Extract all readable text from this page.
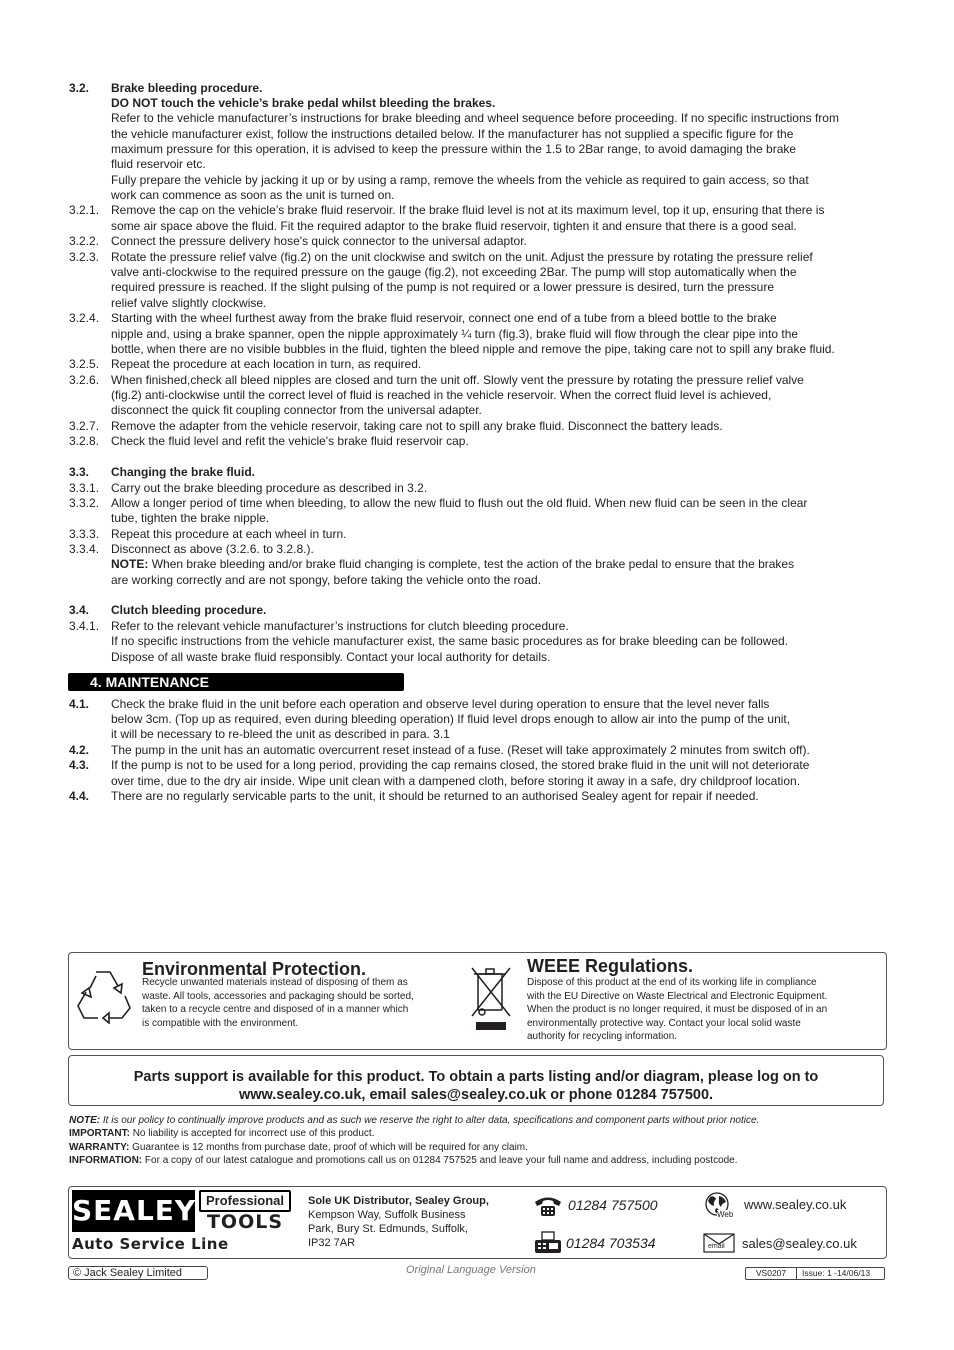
3.2. Brake bleeding procedure.
DO NOT touch the vehicle’s brake pedal whilst bleeding the brakes.
Refer to the vehicle manufacturer’s instructions for brake bleeding and wheel sequence before proceeding. If no specific instructions from
the vehicle manufacturer exist, follow the instructions detailed below. If the manufacturer has not supplied a specific figure for the
maximum pressure for this operation, it is advised to keep the pressure within the 1.5 to 2Bar range, to avoid damaging the brake
fluid reservoir etc.
Fully prepare the vehicle by jacking it up or by using a ramp, remove the wheels from the vehicle as required to gain access, so that
work can commence as soon as the unit is turned on.
3.2.1. Remove the cap on the vehicle’s brake fluid reservoir. If the brake fluid level is not at its maximum level, top it up, ensuring that there is
some air space above the fluid. Fit the required adaptor to the brake fluid reservoir, tighten it and ensure that there is a good seal.
3.2.2. Connect the pressure delivery hose's quick connector to the universal adaptor.
3.2.3. Rotate the pressure relief valve (fig.2) on the unit clockwise and switch on the unit. Adjust the pressure by rotating the pressure relief
valve anti-clockwise to the required pressure on the gauge (fig.2), not exceeding 2Bar. The pump will stop automatically when the
required pressure is reached. If the slight pulsing of the pump is not required or a lower pressure is desired, turn the pressure
relief valve slightly clockwise.
3.2.4. Starting with the wheel furthest away from the brake fluid reservoir, connect one end of a tube from a bleed bottle to the brake
nipple and, using a brake spanner, open the nipple approximately ¼ turn (fig.3), brake fluid will flow through the clear pipe into the
bottle, when there are no visible bubbles in the fluid, tighten the bleed nipple and remove the pipe, taking care not to spill any brake fluid.
3.2.5. Repeat the procedure at each location in turn, as required.
3.2.6. When finished,check all bleed nipples are closed and turn the unit off. Slowly vent the pressure by rotating the pressure relief valve
(fig.2) anti-clockwise until the correct level of fluid is reached in the vehicle reservoir. When the correct fluid level is achieved,
disconnect the quick fit coupling connector from the universal adapter.
3.2.7. Remove the adapter from the vehicle reservoir, taking care not to spill any brake fluid. Disconnect the battery leads.
3.2.8. Check the fluid level and refit the vehicle's brake fluid reservoir cap.
3.3. Changing the brake fluid.
3.3.1. Carry out the brake bleeding procedure as described in 3.2.
3.3.2. Allow a longer period of time when bleeding, to allow the new fluid to flush out the old fluid. When new fluid can be seen in the clear
tube, tighten the brake nipple.
3.3.3. Repeat this procedure at each wheel in turn.
3.3.4. Disconnect as above (3.2.6. to 3.2.8.).
NOTE: When brake bleeding and/or brake fluid changing is complete, test the action of the brake pedal to ensure that the brakes
are working correctly and are not spongy, before taking the vehicle onto the road.
3.4. Clutch bleeding procedure.
3.4.1. Refer to the relevant vehicle manufacturer’s instructions for clutch bleeding procedure.
If no specific instructions from the vehicle manufacturer exist, the same basic procedures as for brake bleeding can be followed.
Dispose of all waste brake fluid responsibly. Contact your local authority for details.
4. MAINTENANCE
4.1. Check the brake fluid in the unit before each operation and observe level during operation to ensure that the level never falls
below 3cm. (Top up as required, even during bleeding operation) If fluid level drops enough to allow air into the pump of the unit,
it will be necessary to re-bleed the unit as described in para. 3.1
4.2. The pump in the unit has an automatic overcurrent reset instead of a fuse. (Reset will take approximately 2 minutes from switch off).
4.3. If the pump is not to be used for a long period, providing the cap remains closed, the stored brake fluid in the unit will not deteriorate
over time, due to the dry air inside. Wipe unit clean with a dampened cloth, before storing it away in a safe, dry childproof location.
4.4. There are no regularly servicable parts to the unit, it should be returned to an authorised Sealey agent for repair if needed.
Environmental Protection.
Recycle unwanted materials instead of disposing of them as
waste. All tools, accessories and packaging should be sorted,
taken to a recycle centre and disposed of in a manner which
is compatible with the environment.
WEEE Regulations.
Dispose of this product at the end of its working life in compliance
with the EU Directive on Waste Electrical and Electronic Equipment.
When the product is no longer required, it must be disposed of in an
environmentally protective way. Contact your local solid waste
authority for recycling information.
Parts support is available for this product. To obtain a parts listing and/or diagram, please log on to
www.sealey.co.uk, email sales@sealey.co.uk or phone 01284 757500.
NOTE: It is our policy to continually improve products and as such we reserve the right to alter data, specifications and component parts without prior notice.
IMPORTANT: No liability is accepted for incorrect use of this product.
WARRANTY: Guarantee is 12 months from purchase date, proof of which will be required for any claim.
INFORMATION: For a copy of our latest catalogue and promotions call us on 01284 757525 and leave your full name and address, including postcode.
SEALEY Professional
TOOLS
Auto Service Line
Sole UK Distributor, Sealey Group,
Kempson Way, Suffolk Business
Park, Bury St. Edmunds, Suffolk,
IP32 7AR
01284 757500
01284 703534
Web
www.sealey.co.uk
email sales@sealey.co.uk
© Jack Sealey Limited	Original Language Version	VS0207	Issue: 1 -14/06/13
